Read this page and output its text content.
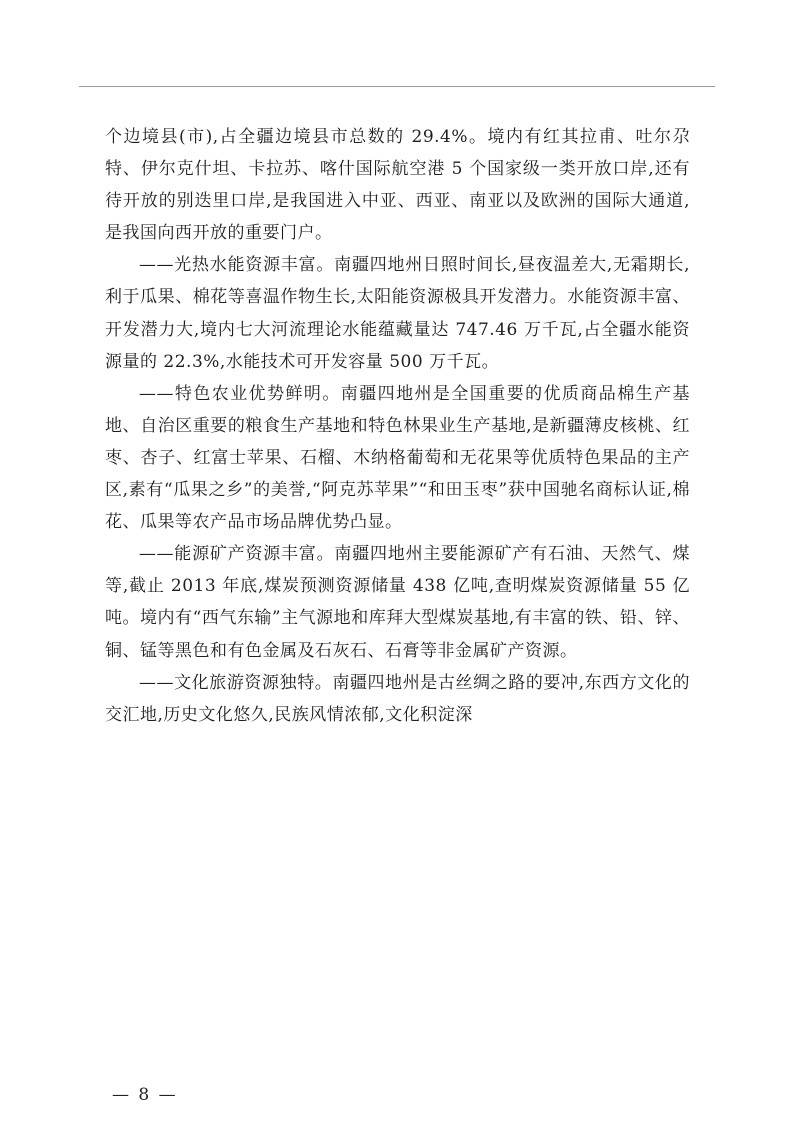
个边境县(市),占全疆边境县市总数的 29.4%。境内有红其拉甫、吐尔尕特、伊尔克什坦、卡拉苏、喀什国际航空港 5 个国家级一类开放口岸,还有待开放的别迭里口岸,是我国进入中亚、西亚、南亚以及欧洲的国际大通道,是我国向西开放的重要门户。

——光热水能资源丰富。南疆四地州日照时间长,昼夜温差大,无霜期长,利于瓜果、棉花等喜温作物生长,太阳能资源极具开发潜力。水能资源丰富、开发潜力大,境内七大河流理论水能蕴藏量达 747.46 万千瓦,占全疆水能资源量的 22.3%,水能技术可开发容量 500 万千瓦。

——特色农业优势鲜明。南疆四地州是全国重要的优质商品棉生产基地、自治区重要的粮食生产基地和特色林果业生产基地,是新疆薄皮核桃、红枣、杏子、红富士苹果、石榴、木纳格葡萄和无花果等优质特色果品的主产区,素有“瓜果之乡”的美誉,“阿克苏苹果”“和田玉枣”获中国驰名商标认证,棉花、瓜果等农产品市场品牌优势凸显。

——能源矿产资源丰富。南疆四地州主要能源矿产有石油、天然气、煤等,截止 2013 年底,煤炭预测资源储量 438 亿吨,查明煤炭资源储量 55 亿吨。境内有“西气东输”主气源地和库拜大型煤炭基地,有丰富的铁、铅、锌、铜、锰等黑色和有色金属及石灰石、石膏等非金属矿产资源。

——文化旅游资源独特。南疆四地州是古丝绸之路的要冲,东西方文化的交汇地,历史文化悠久,民族风情浓郁,文化积淀深

— 8 —
